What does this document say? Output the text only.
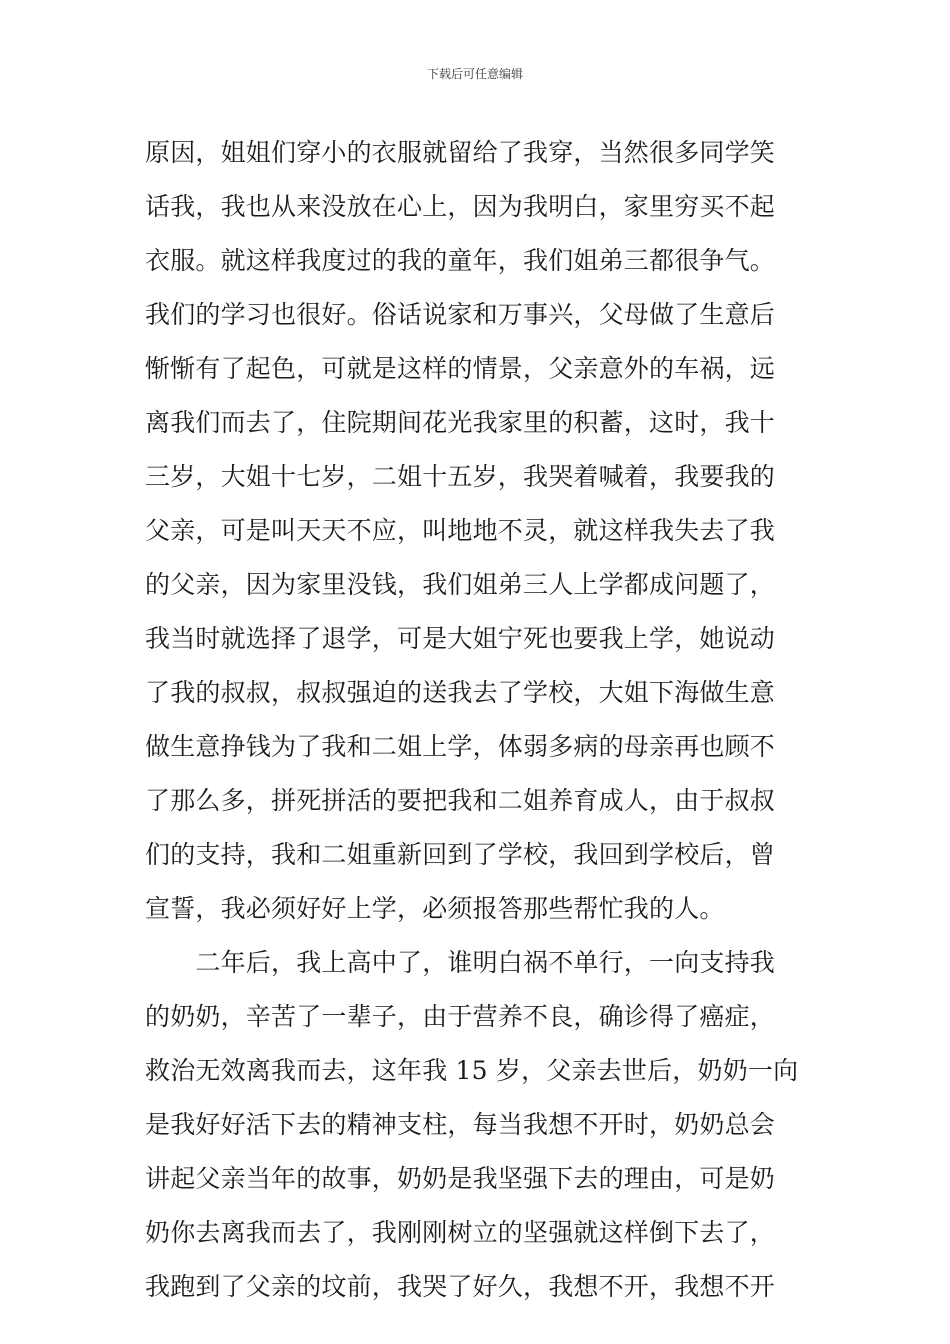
下载后可任意编辑
原因，姐姐们穿小的衣服就留给了我穿，当然很多同学笑
话我，我也从来没放在心上，因为我明白，家里穷买不起
衣服。就这样我度过的我的童年，我们姐弟三都很争气。
我们的学习也很好。俗话说家和万事兴，父母做了生意后
惭惭有了起色，可就是这样的情景，父亲意外的车祸，远
离我们而去了，住院期间花光我家里的积蓄，这时，我十
三岁，大姐十七岁，二姐十五岁，我哭着喊着，我要我的
父亲，可是叫天天不应，叫地地不灵，就这样我失去了我
的父亲，因为家里没钱，我们姐弟三人上学都成问题了，
我当时就选择了退学，可是大姐宁死也要我上学，她说动
了我的叔叔，叔叔强迫的送我去了学校，大姐下海做生意
做生意挣钱为了我和二姐上学，体弱多病的母亲再也顾不
了那么多，拼死拼活的要把我和二姐养育成人，由于叔叔
们的支持，我和二姐重新回到了学校，我回到学校后，曾
宣誓，我必须好好上学，必须报答那些帮忙我的人。
　　二年后，我上高中了，谁明白祸不单行，一向支持我
的奶奶，辛苦了一辈子，由于营养不良，确诊得了癌症，
救治无效离我而去，这年我 15 岁，父亲去世后，奶奶一向
是我好好活下去的精神支柱，每当我想不开时，奶奶总会
讲起父亲当年的故事，奶奶是我坚强下去的理由，可是奶
奶你去离我而去了，我刚刚树立的坚强就这样倒下去了，
我跑到了父亲的坟前，我哭了好久，我想不开，我想不开
